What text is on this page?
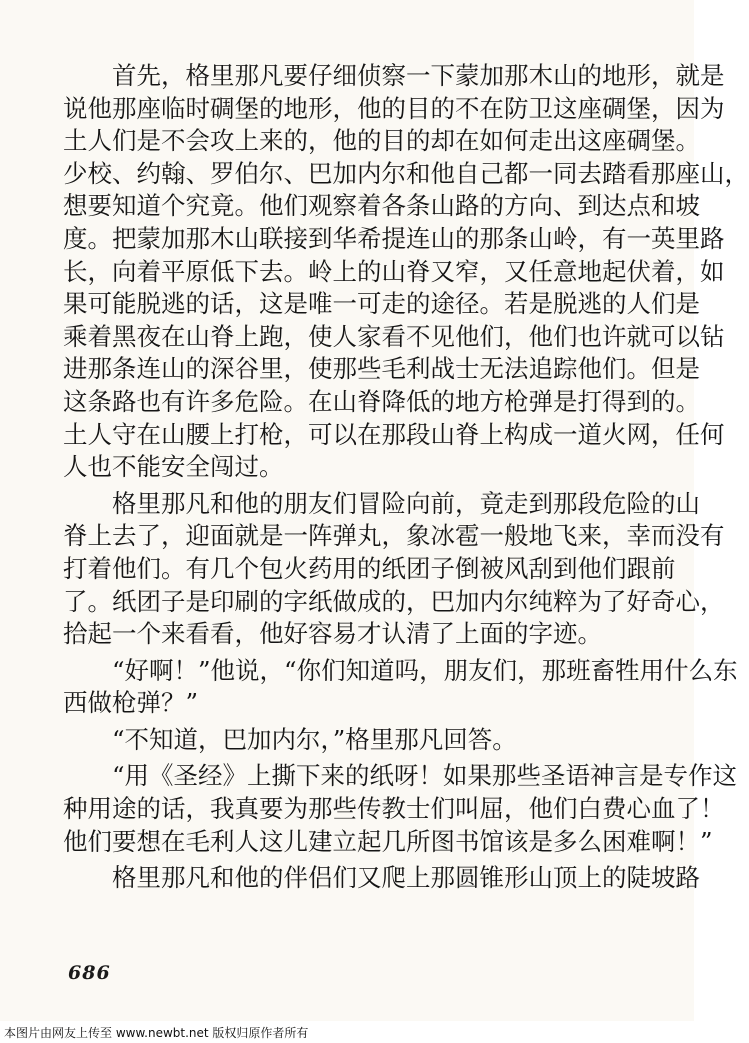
首先，格里那凡要仔细侦察一下蒙加那木山的地形，就是
说他那座临时碉堡的地形，他的目的不在防卫这座碉堡，因为
土人们是不会攻上来的，他的目的却在如何走出这座碉堡。
少校、约翰、罗伯尔、巴加内尔和他自己都一同去踏看那座山，
想要知道个究竟。他们观察着各条山路的方向、到达点和坡
度。把蒙加那木山联接到华希提连山的那条山岭，有一英里路
长，向着平原低下去。岭上的山脊又窄，又任意地起伏着，如
果可能脱逃的话，这是唯一可走的途径。若是脱逃的人们是
乘着黑夜在山脊上跑，使人家看不见他们，他们也许就可以钻
进那条连山的深谷里，使那些毛利战士无法追踪他们。但是
这条路也有许多危险。在山脊降低的地方枪弹是打得到的。
土人守在山腰上打枪，可以在那段山脊上构成一道火网，任何
人也不能安全闯过。
格里那凡和他的朋友们冒险向前，竟走到那段危险的山
脊上去了，迎面就是一阵弹丸，象冰雹一般地飞来，幸而没有
打着他们。有几个包火药用的纸团子倒被风刮到他们跟前
了。纸团子是印刷的字纸做成的，巴加内尔纯粹为了好奇心，
拾起一个来看看，他好容易才认清了上面的字迹。
“好啊！”他说，“你们知道吗，朋友们，那班畜牲用什么东
西做枪弹？”
“不知道，巴加内尔，”格里那凡回答。
“用《圣经》上撕下来的纸呀！如果那些圣语神言是专作这
种用途的话，我真要为那些传教士们叫屈，他们白费心血了！
他们要想在毛利人这儿建立起几所图书馆该是多么困难啊！”
格里那凡和他的伴侣们又爬上那圆锥形山顶上的陡坡路
686
本图片由网友上传至 www.newbt.net 版权归原作者所有
